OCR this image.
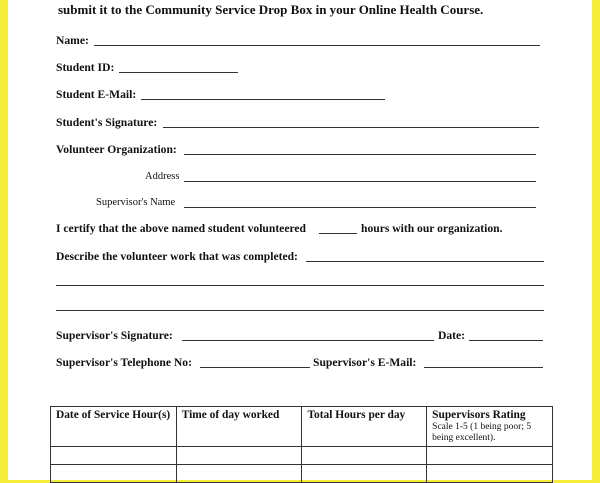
submit it to the Community Service Drop Box in your Online Health Course.
Name:
Student ID:
Student E-Mail:
Student's Signature:
Volunteer Organization:
Address
Supervisor's Name
I certify that the above named student volunteered	hours with our organization.
Describe the volunteer work that was completed:
Supervisor's Signature:	Date:
Supervisor's Telephone No:	Supervisor's E-Mail:
Date of Service Hour(s)	Time of day worked	Total Hours per day	Supervisors Rating
Scale 1-5 (1 being poor; 5 being excellent).
